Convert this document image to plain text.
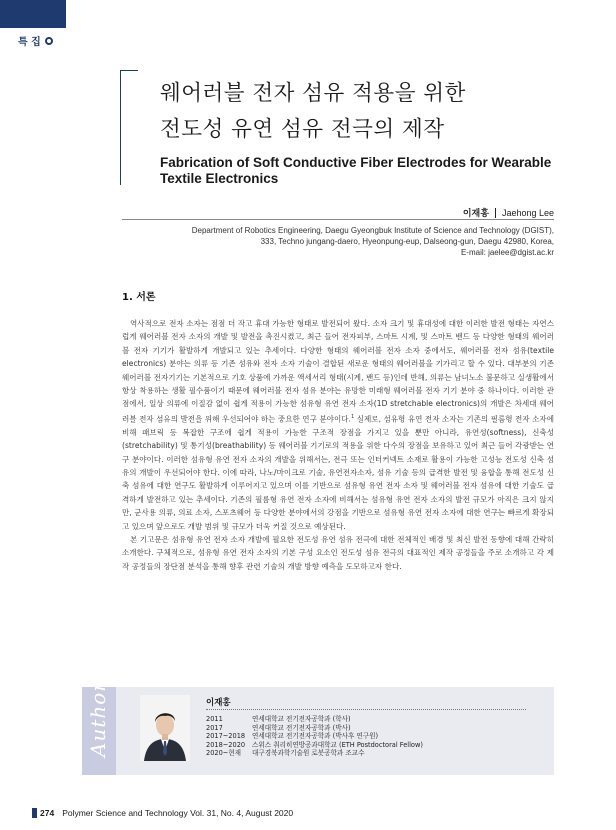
특 집
웨어러블 전자 섬유 적용을 위한
전도성 유연 섬유 전극의 제작
Fabrication of Soft Conductive Fiber Electrodes for Wearable
Textile Electronics
이재홍 Jaehong Lee
Department of Robotics Engineering, Daegu Gyeongbuk Institute of Science and Technology (DGIST),
333, Techno jungang-daero, Hyeonpung-eup, Dalseong-gun, Daegu 42980, Korea,
E-mail: jaelee@dgist.ac.kr
1. 서론

역사적으로 전자 소자는 점점 더 작고 휴대 가능한 형태로 발전되어 왔다. 소자 크기 및 휴대성에 대한 이러한 발전 형태는 자연스럽게 웨어러블 전자 소자의 개발 및 발전을 촉진시켰고, 최근 들어 전자피부, 스마트 시계, 및 스마트 밴드 등 다양한 형태의 웨어러블 전자 기기가 활발하게 개발되고 있는 추세이다. 다양한 형태의 웨어러블 전자 소자 중에서도, 웨어러블 전자 섬유(textile electronics) 분야는 의류 등 기존 섬유와 전자 소자 기술이 결합된 새로운 형태의 웨어러블을 기가리고 할 수 있다. 대부분의 기존 웨어러블 전자기기는 기본적으로 기호 상품에 가까운 액세서리 형태(시계, 밴드 등)인데 반해, 의류는 남녀노소 불문하고 실생활에서 항상 착용하는 생활 필수품이기 때문에 웨어러블 전자 섬유 분야는 유망한 미래형 웨어러블 전자 기기 분야 중 하나이다. 이러한 관점에서, 일상 의류에 이질감 없이 쉽게 적용이 가능한 섬유형 유연 전자 소자(1D stretchable electronics)의 개발은 차세대 웨어러블 전자 섬유의 발전을 위해 우선되어야 하는 중요한 연구 분야이다.$^1$ 실제로, 섬유형 유연 전자 소자는 기존의 필름형 전자 소자에 비해 패브릭 등 복잡한 구조에 쉽게 적용이 가능한 구조적 장점을 가지고 있을 뿐만 아니라, 유연성(softness), 신축성(stretchability) 및 통기성(breathability) 등 웨어러블 기기로의 적용을 위한 다수의 장점을 보유하고 있어 최근 들어 각광받는 연구 분야이다. 이러한 섬유형 유연 전자 소자의 개발을 위해서는, 전극 또는 인터커넥트 소재로 활용이 가능한 고성능 전도성 신축 섬유의 개발이 우선되어야 한다. 이에 따라, 나노/마이크로 기술, 유연전자소자, 섬유 기술 등의 급격한 발전 및 융합을 통해 전도성 신축 섬유에 대한 연구도 활발하게 이루어지고 있으며 이를 기반으로 섬유형 유연 전자 소자 및 웨어러블 전자 섬유에 대한 기술도 급격하게 발전하고 있는 추세이다. 기존의 필름형 유연 전자 소자에 비해서는 섬유형 유연 전자 소자의 발전 규모가 아직은 크지 않지만, 군사용 의류, 의료 소자, 스포츠웨어 등 다양한 분야에서의 강점을 기반으로 섬유형 유연 전자 소자에 대한 연구는 빠르게 확장되고 있으며 앞으로도 개발 범위 및 규모가 더욱 커질 것으로 예상된다.

본 기고문은 섬유형 유연 전자 소자 개발에 필요한 전도성 유연 섬유 전극에 대한 전체적인 배경 및 최신 발전 동향에 대해 간략히 소개한다. 구체적으로, 섬유형 유연 전자 소자의 기본 구성 요소인 전도성 섬유 전극의 대표적인 제작 공정들을 주로 소개하고 각 제작 공정들의 장단점 분석을 통해 향후 관련 기술의 개발 방향 예측을 도모하고자 한다.

Author	이재홍
2011	연세대학교 전기전자공학과 (학사)
2017	연세대학교 전기전자공학과 (박사)
2017~2018	연세대학교 전기전자공학과 (박사후 연구원)
2018~2020	스위스 취리히연방공과대학교 (ETH Postdoctoral Fellow)
2020~현재	대구경북과학기술원 로봇공학과 조교수
274 Polymer Science and Technology Vol. 31, No. 4, August 2020
